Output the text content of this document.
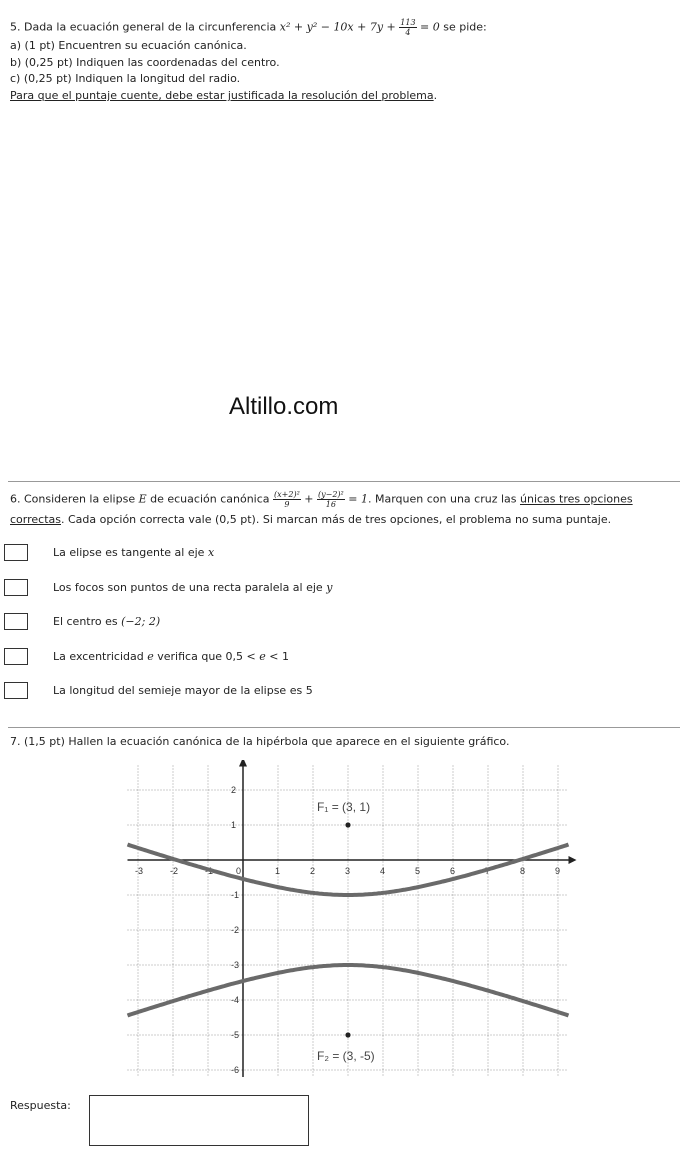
5. Dada la ecuación general de la circunferencia $x^2 + y^2 - 10x + 7y + \frac{113}{4} = 0$ se pide:
a) (1 pt) Encuentren su ecuación canónica.
b) (0,25 pt) Indiquen las coordenadas del centro.
c) (0,25 pt) Indiquen la longitud del radio.
Para que el puntaje cuente, debe estar justificada la resolución del problema.
Altillo.com
6. Consideren la elipse E de ecuación canónica $\frac{\text{(x+2)²}}{9} + \frac{\text{(y−2)²}}{16} = 1$. Marquen con una cruz las únicas tres opciones
correctas. Cada opción correcta vale (0,5 pt). Si marcan más de tres opciones, el problema no suma puntaje.
La elipse es tangente al eje x
Los focos son puntos de una recta paralela al eje y
El centro es (−2; 2)
La excentricidad e verifica que 0,5 < e < 1
La longitud del semieje mayor de la elipse es 5
7. (1,5 pt) Hallen la ecuación canónica de la hipérbola que aparece en el siguiente gráfico.
-3	-2	-1	0	1	2	3	4	5	6	7	8	9
-6
-5
-4
-3
-2
-1
1
2
F₁ = (3, 1)
F₂ = (3, -5)
Respuesta:
